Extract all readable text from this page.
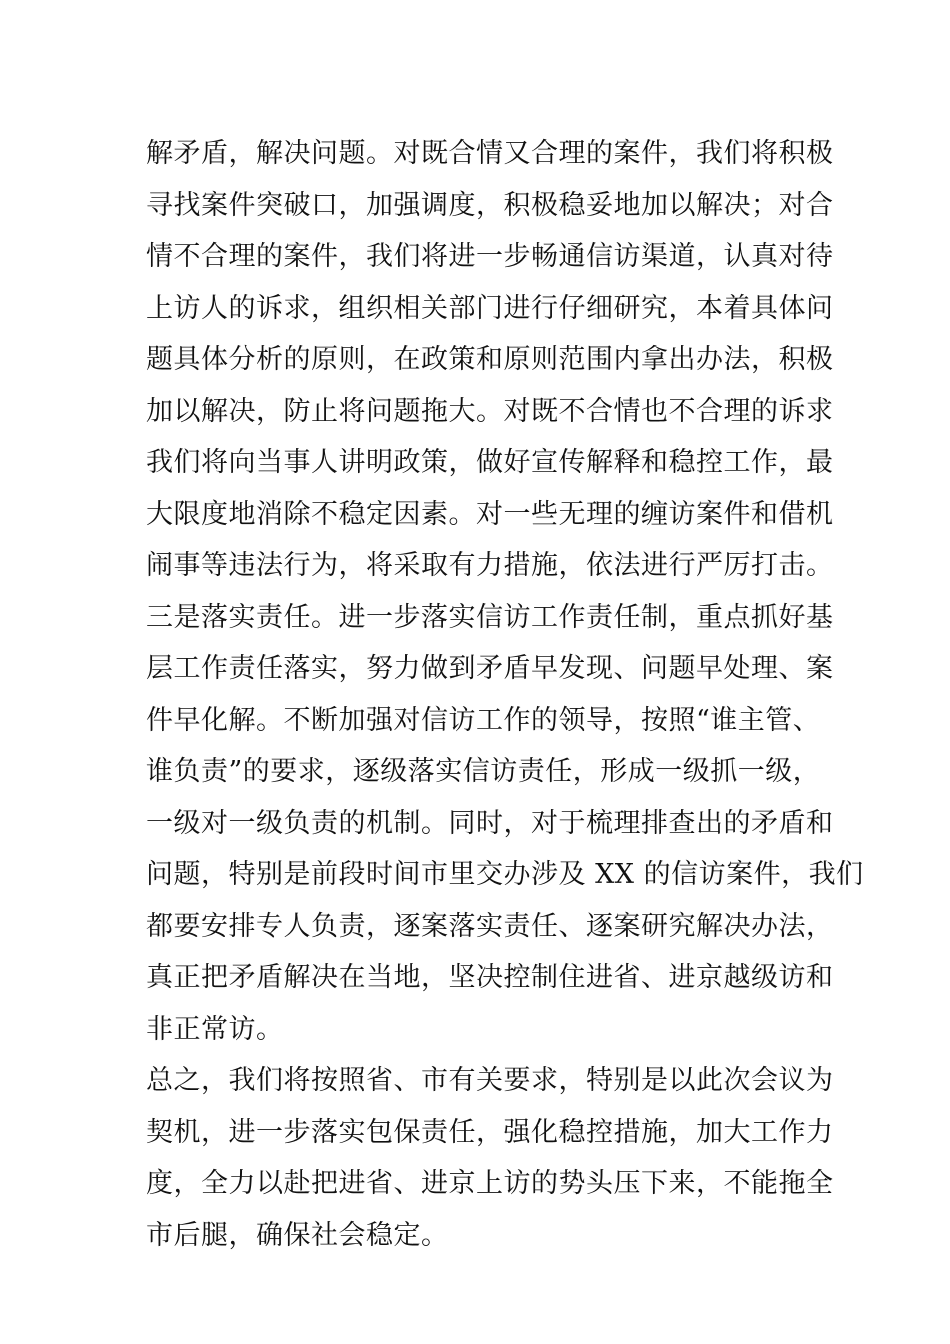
解矛盾，解决问题。对既合情又合理的案件，我们将积极
寻找案件突破口，加强调度，积极稳妥地加以解决；对合
情不合理的案件，我们将进一步畅通信访渠道，认真对待
上访人的诉求，组织相关部门进行仔细研究，本着具体问
题具体分析的原则，在政策和原则范围内拿出办法，积极
加以解决，防止将问题拖大。对既不合情也不合理的诉求
我们将向当事人讲明政策，做好宣传解释和稳控工作，最
大限度地消除不稳定因素。对一些无理的缠访案件和借机
闹事等违法行为，将采取有力措施，依法进行严厉打击。
三是落实责任。进一步落实信访工作责任制，重点抓好基
层工作责任落实，努力做到矛盾早发现、问题早处理、案
件早化解。不断加强对信访工作的领导，按照“谁主管、
谁负责”的要求，逐级落实信访责任，形成一级抓一级，
一级对一级负责的机制。同时，对于梳理排查出的矛盾和
问题，特别是前段时间市里交办涉及 XX 的信访案件，我们
都要安排专人负责，逐案落实责任、逐案研究解决办法，
真正把矛盾解决在当地，坚决控制住进省、进京越级访和
非正常访。
总之，我们将按照省、市有关要求，特别是以此次会议为
契机，进一步落实包保责任，强化稳控措施，加大工作力
度，全力以赴把进省、进京上访的势头压下来，不能拖全
市后腿，确保社会稳定。
